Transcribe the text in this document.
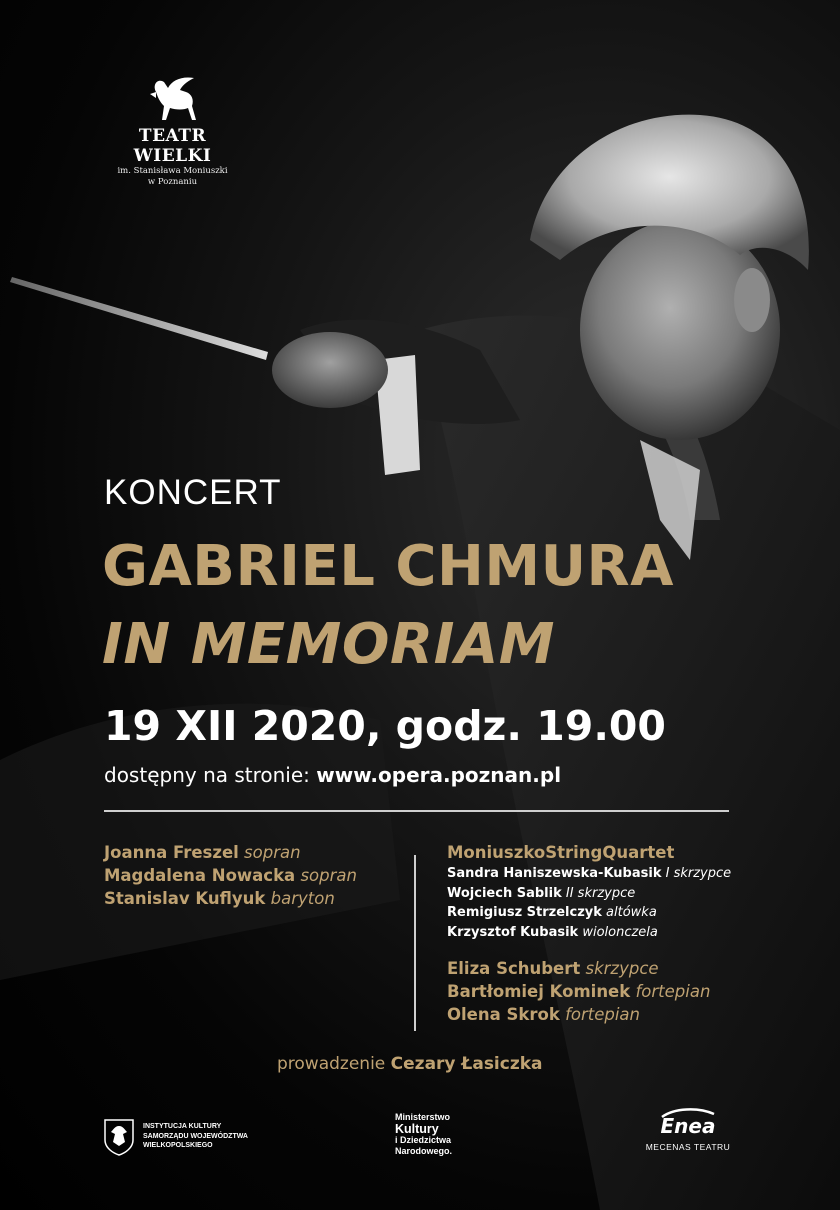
TEATR WIELKI
im. Stanisława Moniuszki
w Poznaniu
KONCERT
GABRIEL CHMURA
IN MEMORIAM
19 XII 2020, godz. 19.00
dostępny na stronie: www.opera.poznan.pl
Joanna Freszel sopran
Magdalena Nowacka sopran
Stanislav Kuflyuk baryton
MoniuszkoStringQuartet
Sandra Haniszewska-Kubasik I skrzypce
Wojciech Sablik II skrzypce
Remigiusz Strzelczyk altówka
Krzysztof Kubasik wiolonczela
Eliza Schubert skrzypce
Bartłomiej Kominek fortepian
Olena Skrok fortepian
prowadzenie Cezary Łasiczka
INSTYTUCJA KULTURY
SAMORZĄDU WOJEWÓDZTWA
WIELKOPOLSKIEGO
Ministerstwo
Kultury
i Dziedzictwa
Narodowego.
Enea
MECENAS TEATRU
